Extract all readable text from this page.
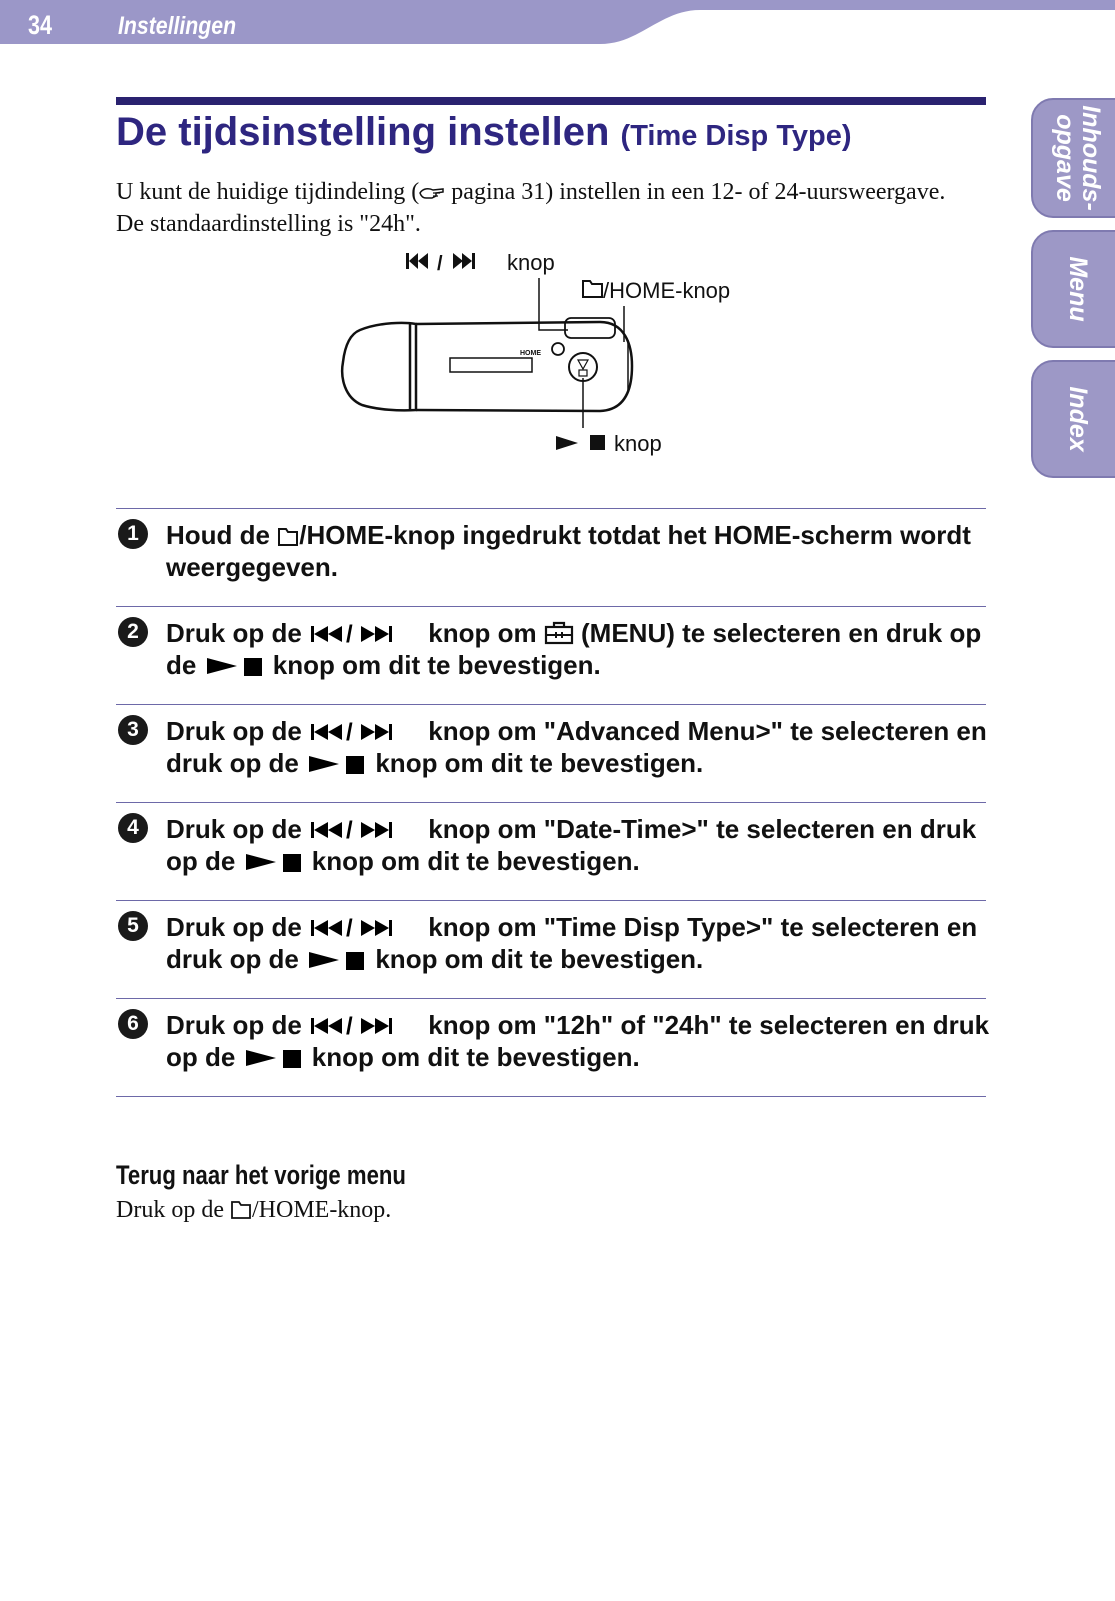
34	Instellingen
Inhouds-
opgave
Menu
Index
De tijdsinstelling instellen (Time Disp Type)
U kunt de huidige tijdindeling ( pagina 31) instellen in een 12- of 24-uursweergave. De standaardinstelling is "24h".
/	knop
/HOME-knop
knop
HOME
1	Houd de /HOME-knop ingedrukt totdat het HOME-scherm wordt weergegeven.
2	Druk op de /	knop om  (MENU) te selecteren en druk op de  knop om dit te bevestigen.
3	Druk op de /	knop om "Advanced Menu>" te selecteren en druk op de  knop om dit te bevestigen.
4	Druk op de /	knop om "Date-Time>" te selecteren en druk op de  knop om dit te bevestigen.
5	Druk op de /	knop om "Time Disp Type>" te selecteren en druk op de  knop om dit te bevestigen.
6	Druk op de /	knop om "12h" of "24h" te selecteren en druk op de  knop om dit te bevestigen.
Terug naar het vorige menu
Druk op de /HOME-knop.
